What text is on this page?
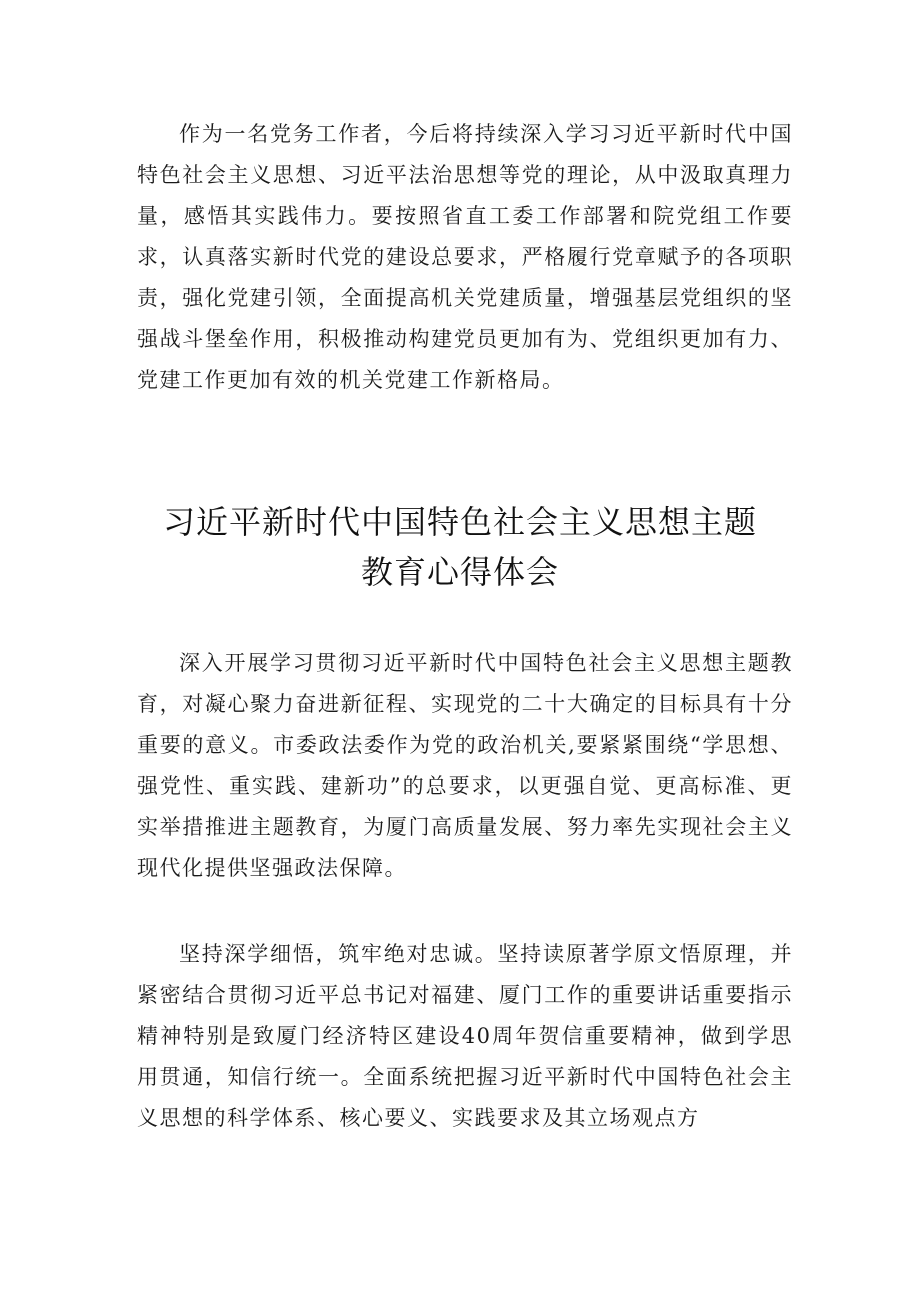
作为一名党务工作者，今后将持续深入学习习近平新时代中国特色社会主义思想、习近平法治思想等党的理论，从中汲取真理力量，感悟其实践伟力。要按照省直工委工作部署和院党组工作要求，认真落实新时代党的建设总要求，严格履行党章赋予的各项职责，强化党建引领，全面提高机关党建质量，增强基层党组织的坚强战斗堡垒作用，积极推动构建党员更加有为、党组织更加有力、党建工作更加有效的机关党建工作新格局。

习近平新时代中国特色社会主义思想主题
教育心得体会

深入开展学习贯彻习近平新时代中国特色社会主义思想主题教育，对凝心聚力奋进新征程、实现党的二十大确定的目标具有十分重要的意义。市委政法委作为党的政治机关,要紧紧围绕“学思想、强党性、重实践、建新功”的总要求，以更强自觉、更高标准、更实举措推进主题教育，为厦门高质量发展、努力率先实现社会主义现代化提供坚强政法保障。

坚持深学细悟，筑牢绝对忠诚。坚持读原著学原文悟原理，并紧密结合贯彻习近平总书记对福建、厦门工作的重要讲话重要指示精神特别是致厦门经济特区建设40周年贺信重要精神，做到学思用贯通，知信行统一。全面系统把握习近平新时代中国特色社会主义思想的科学体系、核心要义、实践要求及其立场观点方
